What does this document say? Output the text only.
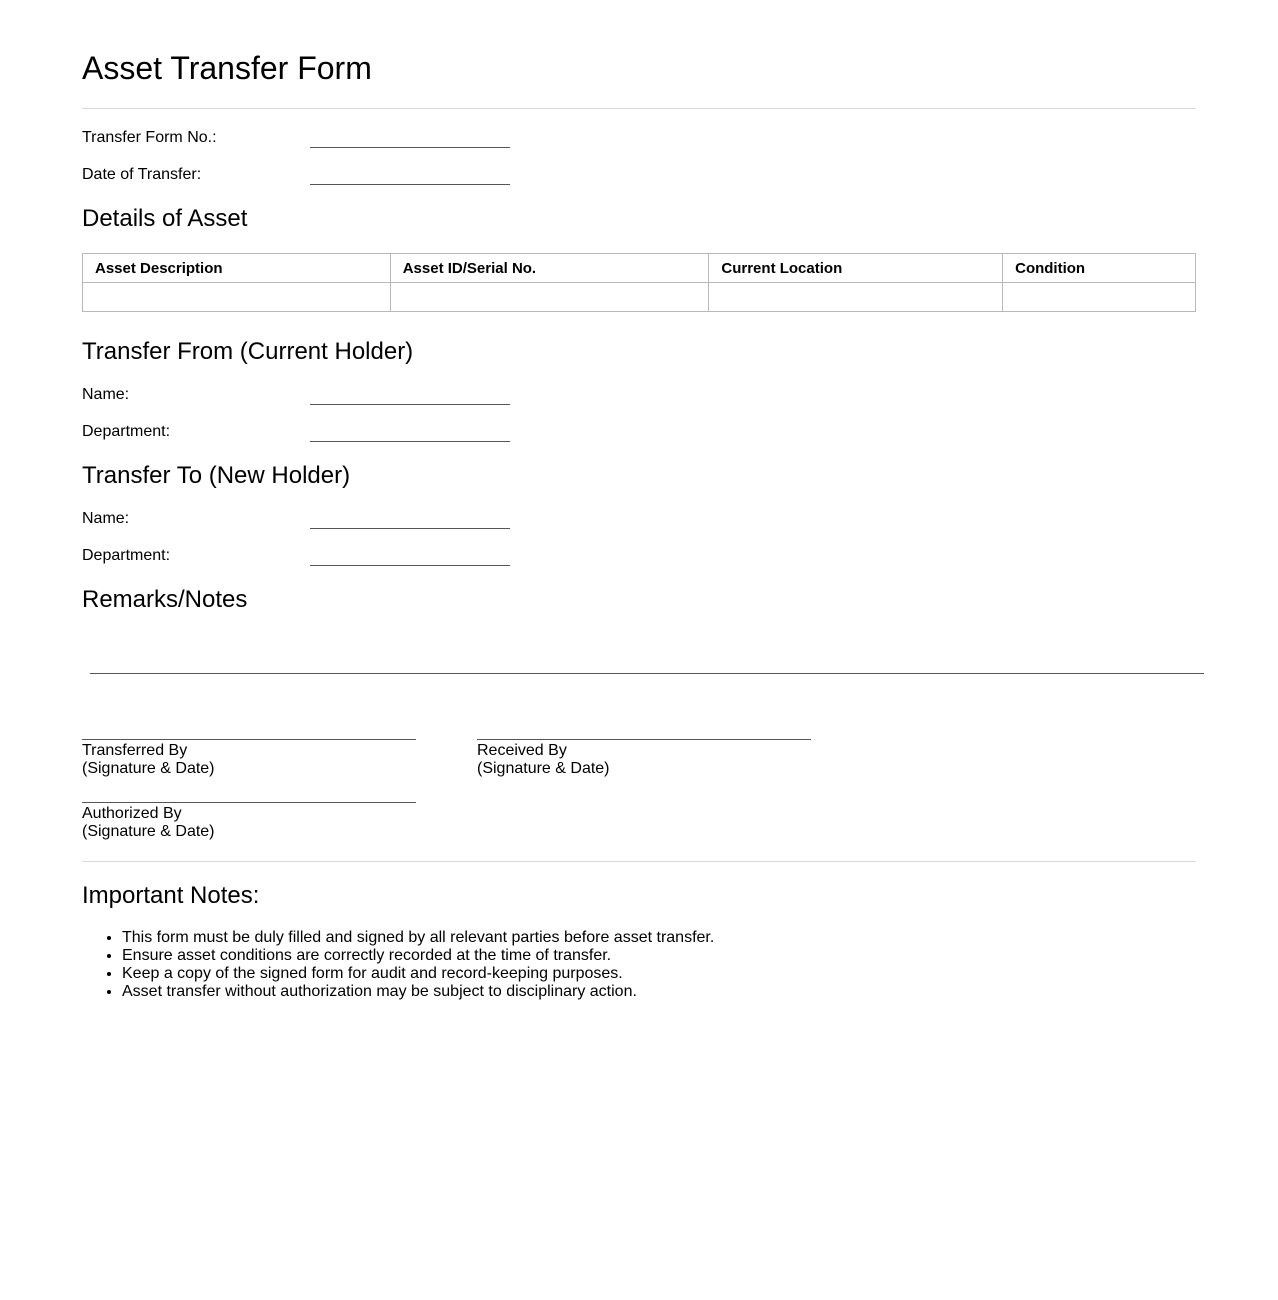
Asset Transfer Form
Transfer Form No.:
Date of Transfer:
Details of Asset
Asset Description	Asset ID/Serial No.	Current Location	Condition

Transfer From (Current Holder)
Name:
Department:
Transfer To (New Holder)
Name:
Department:
Remarks/Notes
Transferred By
(Signature & Date)
Received By
(Signature & Date)
Authorized By
(Signature & Date)
Important Notes:
• This form must be duly filled and signed by all relevant parties before asset transfer.
• Ensure asset conditions are correctly recorded at the time of transfer.
• Keep a copy of the signed form for audit and record-keeping purposes.
• Asset transfer without authorization may be subject to disciplinary action.
